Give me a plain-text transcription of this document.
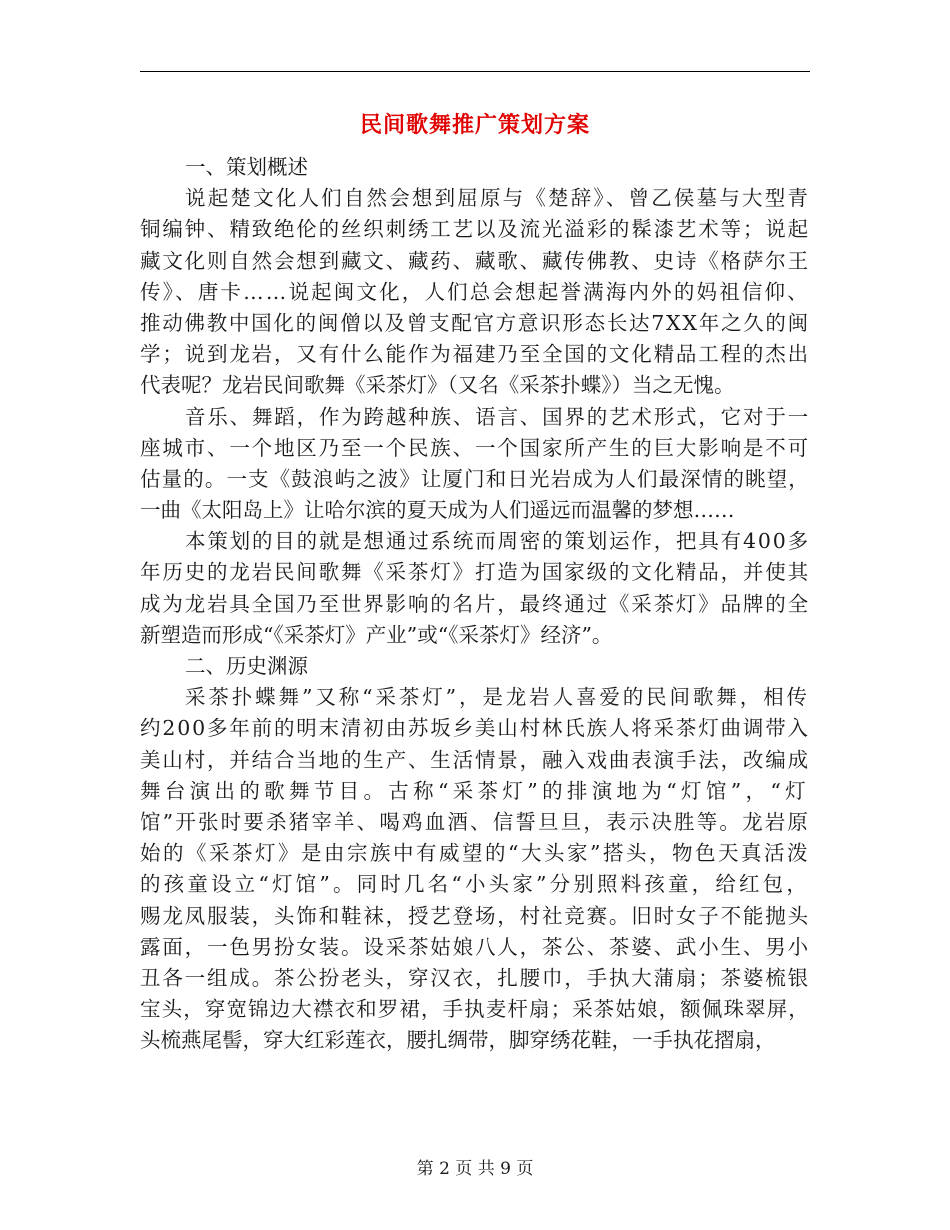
民间歌舞推广策划方案
一、策划概述
说起楚文化人们自然会想到屈原与《楚辞》、曾乙侯墓与大型青
铜编钟、精致绝伦的丝织刺绣工艺以及流光溢彩的髹漆艺术等；说起
藏文化则自然会想到藏文、藏药、藏歌、藏传佛教、史诗《格萨尔王
传》、唐卡……说起闽文化，人们总会想起誉满海内外的妈祖信仰、
推动佛教中国化的闽僧以及曾支配官方意识形态长达7XX年之久的闽
学；说到龙岩，又有什么能作为福建乃至全国的文化精品工程的杰出
代表呢？龙岩民间歌舞《采茶灯》（又名《采茶扑蝶》）当之无愧。
音乐、舞蹈，作为跨越种族、语言、国界的艺术形式，它对于一
座城市、一个地区乃至一个民族、一个国家所产生的巨大影响是不可
估量的。一支《鼓浪屿之波》让厦门和日光岩成为人们最深情的眺望，
一曲《太阳岛上》让哈尔滨的夏天成为人们遥远而温馨的梦想……
本策划的目的就是想通过系统而周密的策划运作，把具有400多
年历史的龙岩民间歌舞《采茶灯》打造为国家级的文化精品，并使其
成为龙岩具全国乃至世界影响的名片，最终通过《采茶灯》品牌的全
新塑造而形成“《采茶灯》产业”或“《采茶灯》经济”。
二、历史渊源
采茶扑蝶舞”又称“采茶灯”，是龙岩人喜爱的民间歌舞，相传
约200多年前的明末清初由苏坂乡美山村林氏族人将采茶灯曲调带入
美山村，并结合当地的生产、生活情景，融入戏曲表演手法，改编成
舞台演出的歌舞节目。古称“采茶灯”的排演地为“灯馆”，“灯
馆”开张时要杀猪宰羊、喝鸡血酒、信誓旦旦，表示决胜等。龙岩原
始的《采茶灯》是由宗族中有威望的“大头家”搭头，物色天真活泼
的孩童设立“灯馆”。同时几名“小头家”分别照料孩童，给红包，
赐龙凤服装，头饰和鞋袜，授艺登场，村社竞赛。旧时女子不能抛头
露面，一色男扮女装。设采茶姑娘八人，茶公、茶婆、武小生、男小
丑各一组成。茶公扮老头，穿汉衣，扎腰巾，手执大蒲扇；茶婆梳银
宝头，穿宽锦边大襟衣和罗裙，手执麦杆扇；采茶姑娘，额佩珠翠屏，
头梳燕尾髻，穿大红彩莲衣，腰扎绸带，脚穿绣花鞋，一手执花摺扇，
第 2 页 共 9 页
